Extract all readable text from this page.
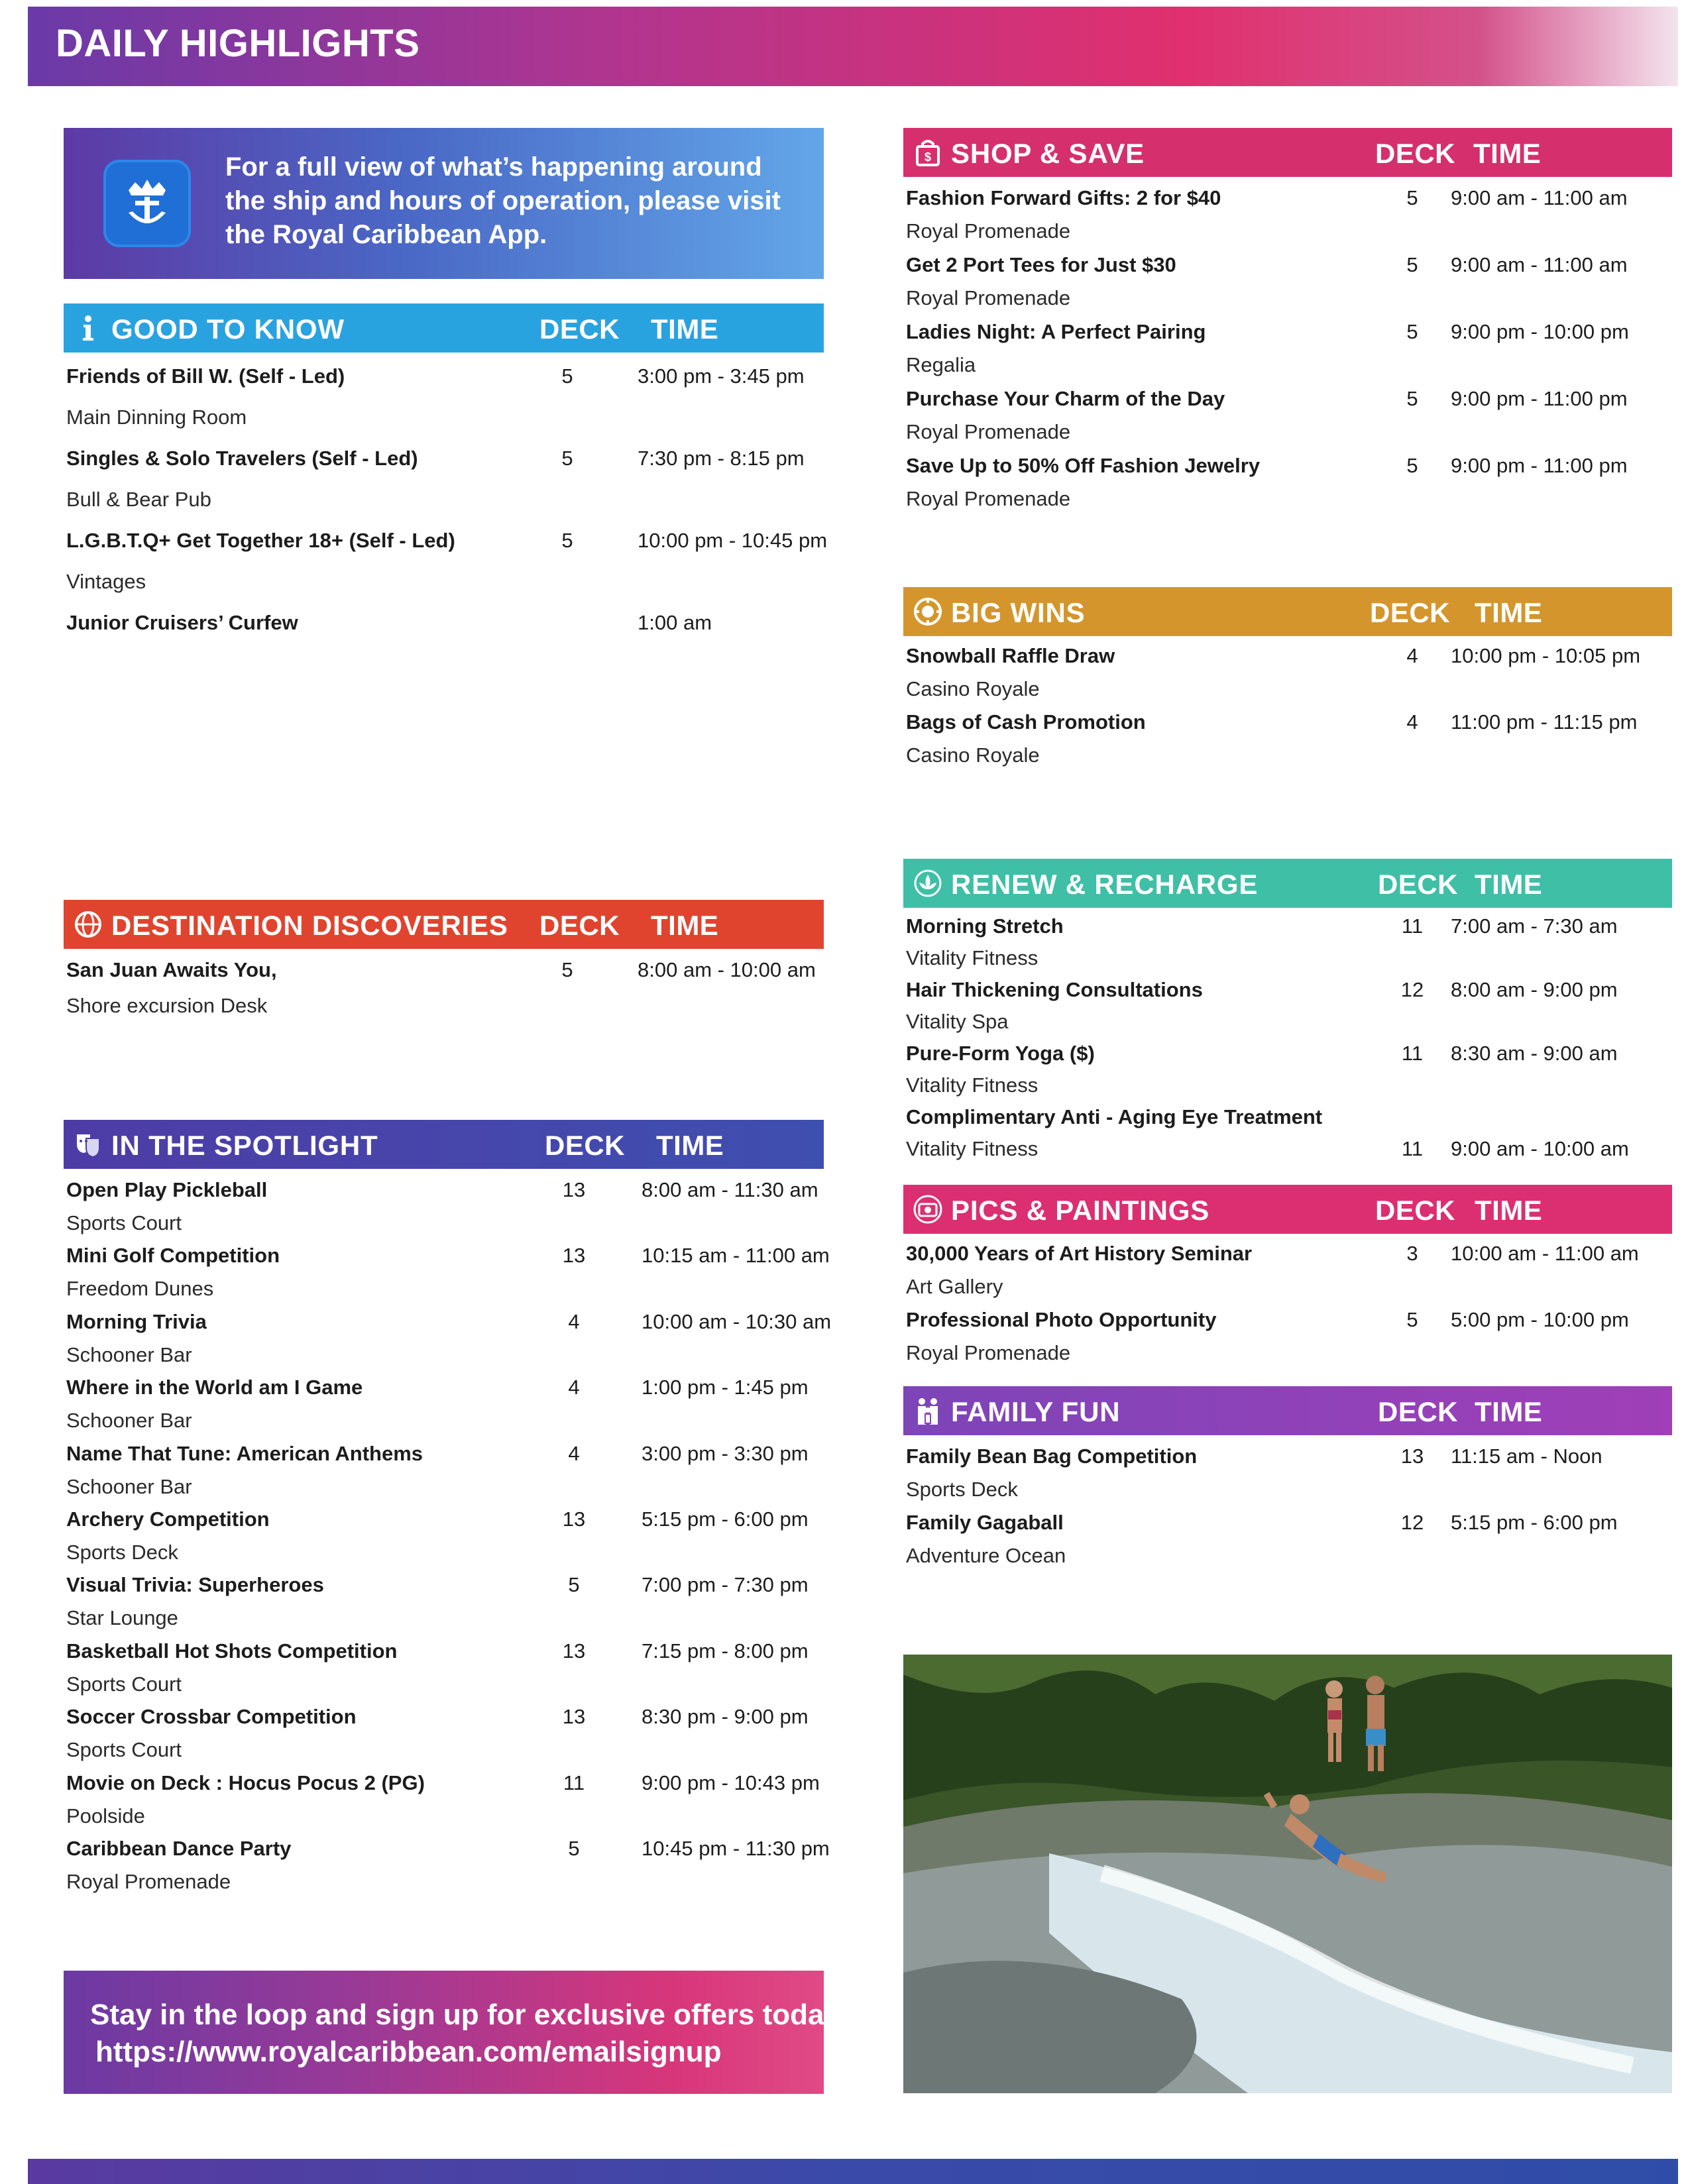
DAILY HIGHLIGHTS
For a full view of what’s happening around the ship and hours of operation, please visit the Royal Caribbean App.
GOOD TO KNOW	DECK TIME
Friends of Bill W. (Self - Led)
Main Dinning Room
5	3:00 pm - 3:45 pm
Singles & Solo Travelers (Self - Led)
Bull & Bear Pub
5	7:30 pm - 8:15 pm
L.G.B.T.Q+ Get Together 18+ (Self - Led)
Vintages
5	10:00 pm - 10:45 pm
Junior Cruisers’ Curfew	1:00 am
DESTINATION DISCOVERIES DECK TIME
San Juan Awaits You,
Shore excursion Desk
5	8:00 am - 10:00 am
IN THE SPOTLIGHT	DECK TIME
Open Play Pickleball
Sports Court
13	8:00 am - 11:30 am
Mini Golf Competition
Freedom Dunes
13	10:15 am - 11:00 am
Morning Trivia
Schooner Bar
4	10:00 am - 10:30 am
Where in the World am I Game
Schooner Bar
4	1:00 pm - 1:45 pm
Name That Tune: American Anthems
Schooner Bar
4	3:00 pm - 3:30 pm
Archery Competition
Sports Deck
13	5:15 pm - 6:00 pm
Visual Trivia: Superheroes
Star Lounge
5	7:00 pm - 7:30 pm
Basketball Hot Shots Competition
Sports Court
13	7:15 pm - 8:00 pm
Soccer Crossbar Competition
Sports Court
13	8:30 pm - 9:00 pm
Movie on Deck : Hocus Pocus 2 (PG)
Poolside
11	9:00 pm - 10:43 pm
Caribbean Dance Party
Royal Promenade
5	10:45 pm - 11:30 pm
$ SHOP & SAVE	DECK TIME
Fashion Forward Gifts: 2 for $40
Royal Promenade
5	9:00 am - 11:00 am
Get 2 Port Tees for Just $30
Royal Promenade
5	9:00 am - 11:00 am
Ladies Night: A Perfect Pairing
Regalia
5	9:00 pm - 10:00 pm
Purchase Your Charm of the Day
Royal Promenade
5	9:00 pm - 11:00 pm
Save Up to 50% Off Fashion Jewelry
Royal Promenade
5	9:00 pm - 11:00 pm
BIG WINS	DECK TIME
Snowball Raffle Draw
Casino Royale
4	10:00 pm - 10:05 pm
Bags of Cash Promotion
Casino Royale
4	11:00 pm - 11:15 pm
RENEW & RECHARGE	DECK TIME
Morning Stretch
Vitality Fitness
11	7:00 am - 7:30 am
Hair Thickening Consultations
Vitality Spa
12	8:00 am - 9:00 pm
Pure-Form Yoga ($)
Vitality Fitness
11	8:30 am - 9:00 am
Complimentary Anti - Aging Eye Treatment
Vitality Fitness	11	9:00 am - 10:00 am
PICS & PAINTINGS	DECK TIME
30,000 Years of Art History Seminar
Art Gallery
3	10:00 am - 11:00 am
Professional Photo Opportunity
Royal Promenade
5	5:00 pm - 10:00 pm
FAMILY FUN	DECK TIME
Family Bean Bag Competition
Sports Deck
13	11:15 am - Noon
Family Gagaball
Adventure Ocean
12	5:15 pm - 6:00 pm
Stay in the loop and sign up for exclusive offers today:
https://www.royalcaribbean.com/emailsignup
